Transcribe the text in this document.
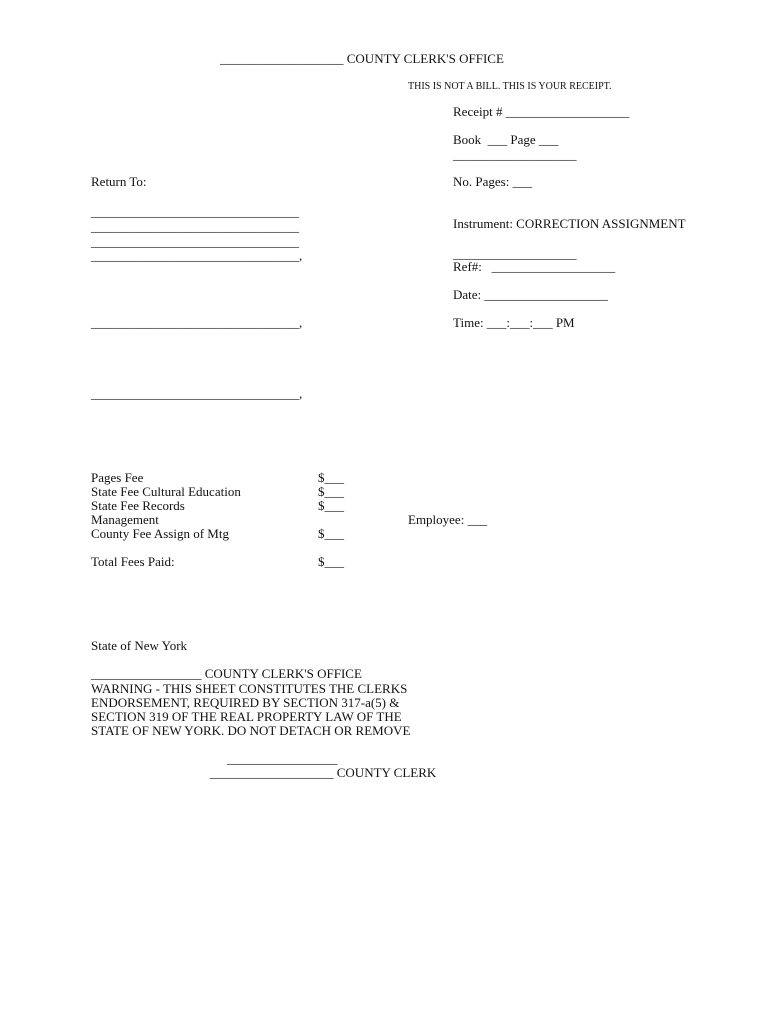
___________________ COUNTY CLERK'S OFFICE
THIS IS NOT A BILL. THIS IS YOUR RECEIPT.
Receipt # ___________________
Book  ___ Page ___
___________________
No. Pages: ___
Instrument: CORRECTION ASSIGNMENT
___________________
Ref#:   ___________________
Date: ___________________
Time: ___:___:___ PM
Return To:
________________________________
________________________________
________________________________
________________________________,
________________________________,
________________________________,
Pages Fee	$___
State Fee Cultural Education	$___
State Fee Records	$___
Management
County Fee Assign of Mtg	$___
Total Fees Paid:	$___
Employee: ___
State of New York
_________________ COUNTY CLERK'S OFFICE
WARNING - THIS SHEET CONSTITUTES THE CLERKS
ENDORSEMENT, REQUIRED BY SECTION 317-a(5) &
SECTION 319 OF THE REAL PROPERTY LAW OF THE
STATE OF NEW YORK. DO NOT DETACH OR REMOVE
_________________
___________________ COUNTY CLERK
